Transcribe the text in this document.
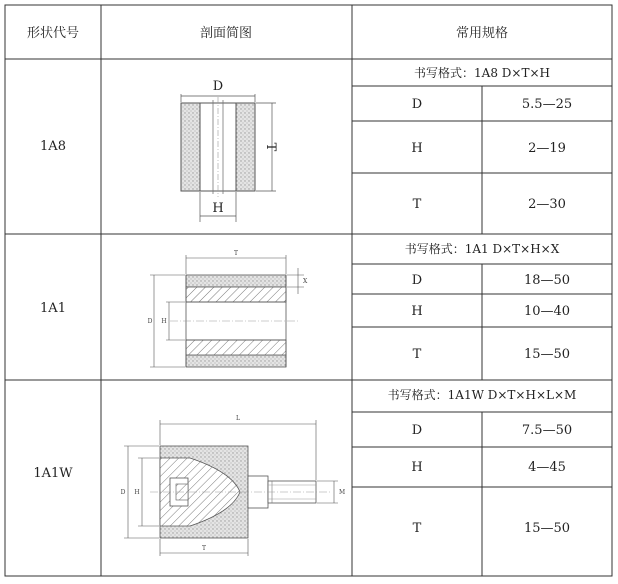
形状代号	剖面简图	常用规格
1A8
书写格式：1A8 D×T×H
D	5.5—25
H	2—19
T	2—30
D
T
H
1A1
书写格式：1A1 D×T×H×X
D	18—50
H	10—40
T	15—50
T
X
D H
1A1W
书写格式：1A1W D×T×H×L×M
D	7.5—50
H	4—45
T	15—50
L
D H	M
T
